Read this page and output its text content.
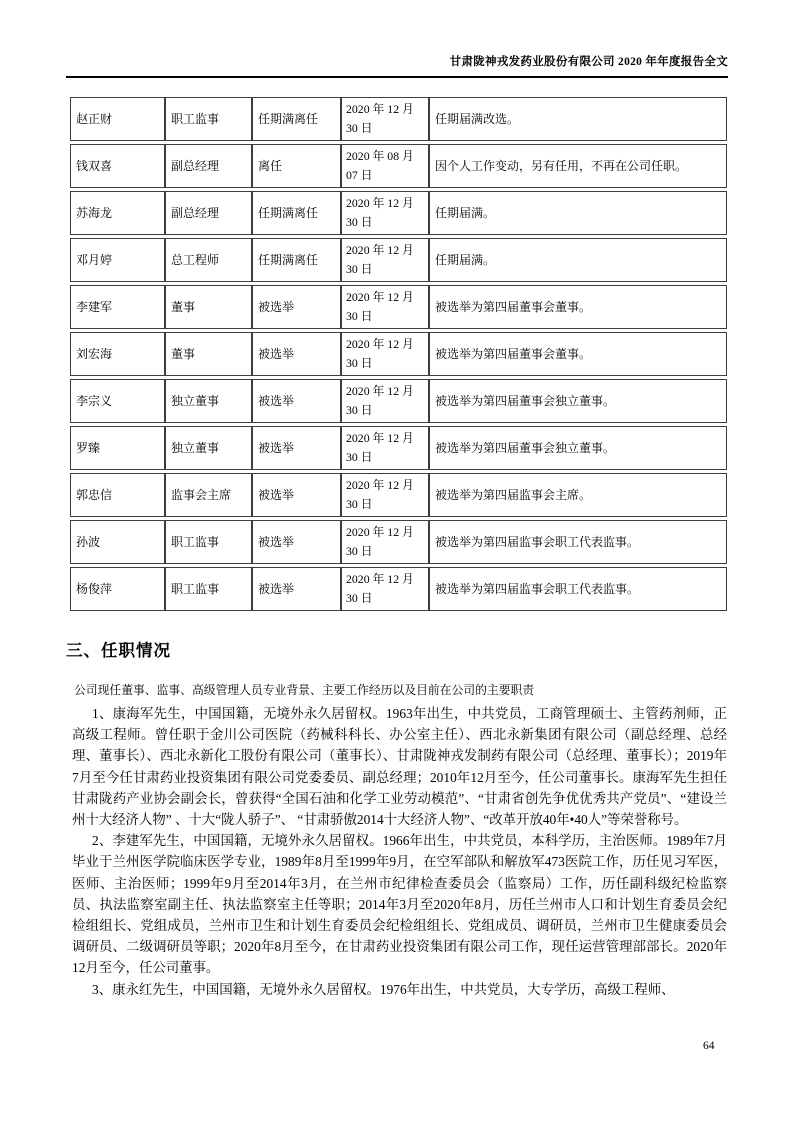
甘肃陇神戎发药业股份有限公司 2020 年年度报告全文
赵正财	职工监事	任期满离任	2020 年 12 月 30 日	任期届满改选。
钱双喜	副总经理	离任	2020 年 08 月 07 日	因个人工作变动，另有任用，不再在公司任职。
苏海龙	副总经理	任期满离任	2020 年 12 月 30 日	任期届满。
邓月婷	总工程师	任期满离任	2020 年 12 月 30 日	任期届满。
李建军	董事	被选举	2020 年 12 月 30 日	被选举为第四届董事会董事。
刘宏海	董事	被选举	2020 年 12 月 30 日	被选举为第四届董事会董事。
李宗义	独立董事	被选举	2020 年 12 月 30 日	被选举为第四届董事会独立董事。
罗臻	独立董事	被选举	2020 年 12 月 30 日	被选举为第四届董事会独立董事。
郭忠信	监事会主席	被选举	2020 年 12 月 30 日	被选举为第四届监事会主席。
孙波	职工监事	被选举	2020 年 12 月 30 日	被选举为第四届监事会职工代表监事。
杨俊萍	职工监事	被选举	2020 年 12 月 30 日	被选举为第四届监事会职工代表监事。
三、任职情况

公司现任董事、监事、高级管理人员专业背景、主要工作经历以及目前在公司的主要职责

1、康海军先生，中国国籍，无境外永久居留权。1963年出生，中共党员，工商管理硕士、主管药剂师，正高级工程师。曾任职于金川公司医院（药械科科长、办公室主任）、西北永新集团有限公司（副总经理、总经理、董事长）、西北永新化工股份有限公司（董事长）、甘肃陇神戎发制药有限公司（总经理、董事长）；2019年7月至今任甘肃药业投资集团有限公司党委委员、副总经理；2010年12月至今，任公司董事长。康海军先生担任甘肃陇药产业协会副会长，曾获得“全国石油和化学工业劳动模范”、“甘肃省创先争优优秀共产党员”、“建设兰州十大经济人物” 、十大“陇人骄子”、 “甘肃骄傲2014十大经济人物”、“改革开放40年•40人”等荣誉称号。

2、李建军先生，中国国籍，无境外永久居留权。1966年出生，中共党员，本科学历，主治医师。1989年7月毕业于兰州医学院临床医学专业，1989年8月至1999年9月，在空军部队和解放军473医院工作，历任见习军医，医师、主治医师；1999年9月至2014年3月，在兰州市纪律检查委员会（监察局）工作，历任副科级纪检监察员、执法监察室副主任、执法监察室主任等职；2014年3月至2020年8月，历任兰州市人口和计划生育委员会纪检组组长、党组成员，兰州市卫生和计划生育委员会纪检组组长、党组成员、调研员，兰州市卫生健康委员会调研员、二级调研员等职；2020年8月至今，在甘肃药业投资集团有限公司工作，现任运营管理部部长。2020年12月至今，任公司董事。

3、康永红先生，中国国籍，无境外永久居留权。1976年出生，中共党员，大专学历，高级工程师、

64
